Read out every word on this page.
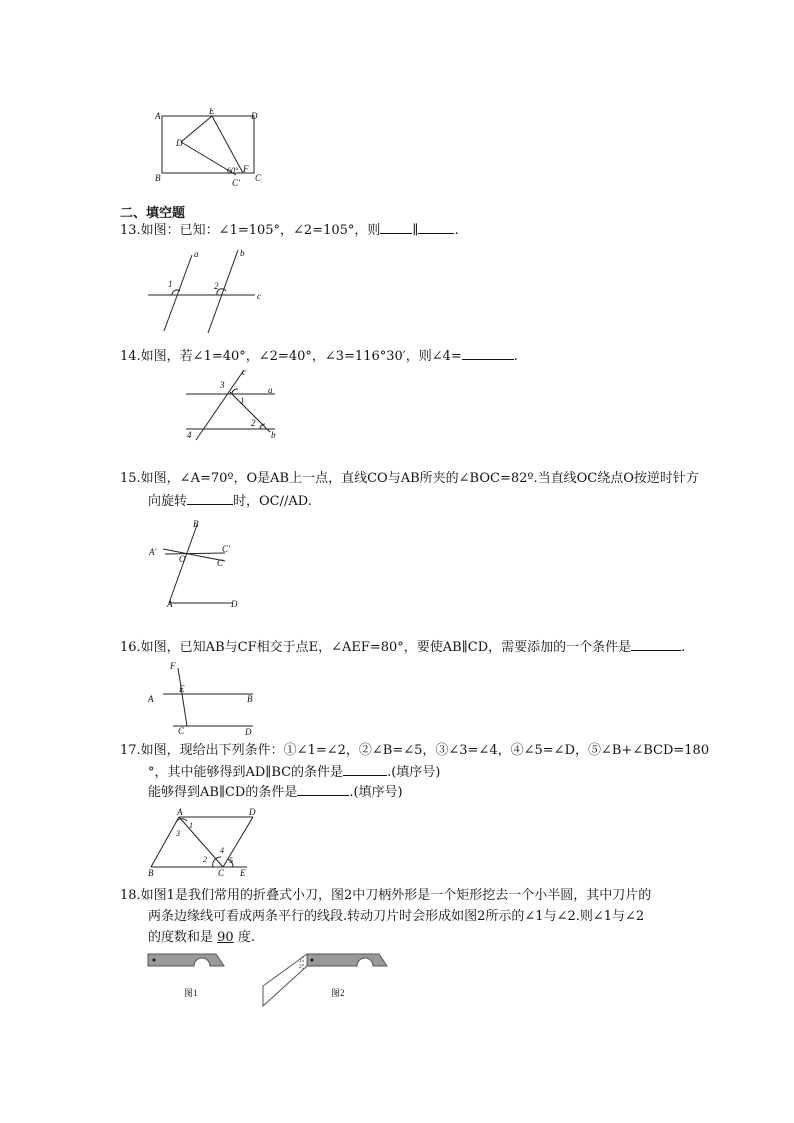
A	E	D
D
B
60° F
C′ C
二、填空题
13.如图：已知：∠1=105°，∠2=105°，则 ∥	.
a	b
c
1	2
14.如图，若∠1=40°，∠2=40°，∠3=116°30′，则∠4=	.
c
a
b
3
1
2
4
15.如图，∠A=70º，O是AB上一点，直线CO与AB所夹的∠BOC=82º.当直线OC绕点O按逆时针方
向旋转	时，OC//AD.
B
A′
O
C′
C
A	D
16.如图，已知AB与CF相交于点E，∠AEF=80°，要使AB∥CD，需要添加的一个条件是	.
F
E
A	B
C	D
17.如图，现给出下列条件：①∠1=∠2，②∠B=∠5，③∠3=∠4，④∠5=∠D，⑤∠B+∠BCD=180
°，其中能够得到AD∥BC的条件是	.(填序号)
能够得到AB∥CD的条件是	.(填序号)
A	D
B	C E
1
3
2
4
5
18.如图1是我们常用的折叠式小刀，图2中刀柄外形是一个矩形挖去一个小半圆，其中刀片的
两条边缘线可看成两条平行的线段.转动刀片时会形成如图2所示的∠1与∠2.则∠1与∠2
的度数和是 90 度.
图1
1
2
图2
